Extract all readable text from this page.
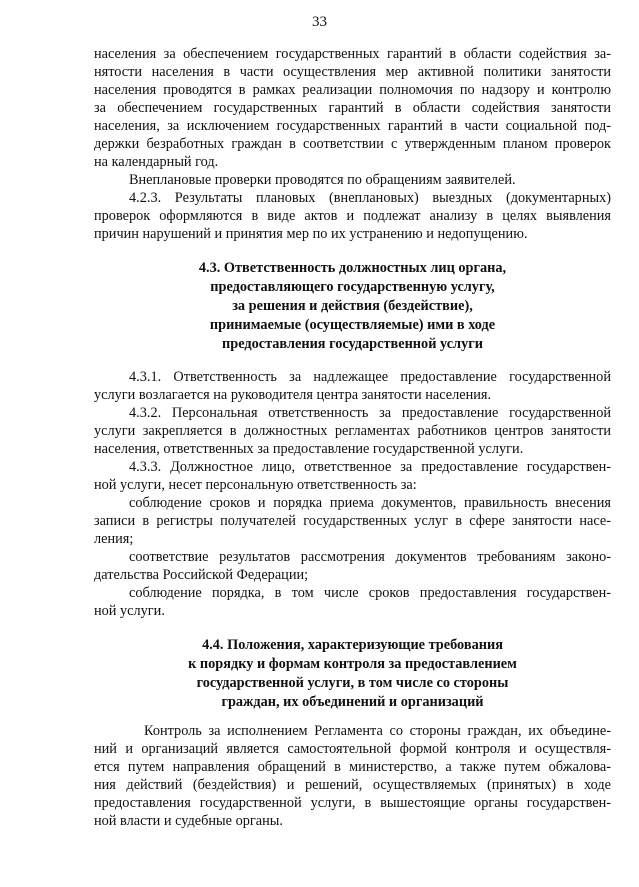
33
населения за обеспечением государственных гарантий в области содействия за-
нятости населения в части осуществления мер активной политики занятости
населения проводятся в рамках реализации полномочия по надзору и контролю
за обеспечением государственных гарантий в области содействия занятости
населения, за исключением государственных гарантий в части социальной под-
держки безработных граждан в соответствии с утвержденным планом проверок
на календарный год.
Внеплановые проверки проводятся по обращениям заявителей.
4.2.3. Результаты плановых (внеплановых) выездных (документарных)
проверок оформляются в виде актов и подлежат анализу в целях выявления
причин нарушений и принятия мер по их устранению и недопущению.
4.3. Ответственность должностных лиц органа,
предоставляющего государственную услугу,
за решения и действия (бездействие),
принимаемые (осуществляемые) ими в ходе
предоставления государственной услуги
4.3.1. Ответственность за надлежащее предоставление государственной
услуги возлагается на руководителя центра занятости населения.
4.3.2. Персональная ответственность за предоставление государственной
услуги закрепляется в должностных регламентах работников центров занятости
населения, ответственных за предоставление государственной услуги.
4.3.3. Должностное лицо, ответственное за предоставление государствен-
ной услуги, несет персональную ответственность за:
соблюдение сроков и порядка приема документов, правильность внесения
записи в регистры получателей государственных услуг в сфере занятости насе-
ления;
соответствие результатов рассмотрения документов требованиям законо-
дательства Российской Федерации;
соблюдение порядка, в том числе сроков предоставления государствен-
ной услуги.
4.4. Положения, характеризующие требования
к порядку и формам контроля за предоставлением
государственной услуги, в том числе со стороны
граждан, их объединений и организаций
Контроль за исполнением Регламента со стороны граждан, их объедине-
ний и организаций является самостоятельной формой контроля и осуществля-
ется путем направления обращений в министерство, а также путем обжалова-
ния действий (бездействия) и решений, осуществляемых (принятых) в ходе
предоставления государственной услуги, в вышестоящие органы государствен-
ной власти и судебные органы.
